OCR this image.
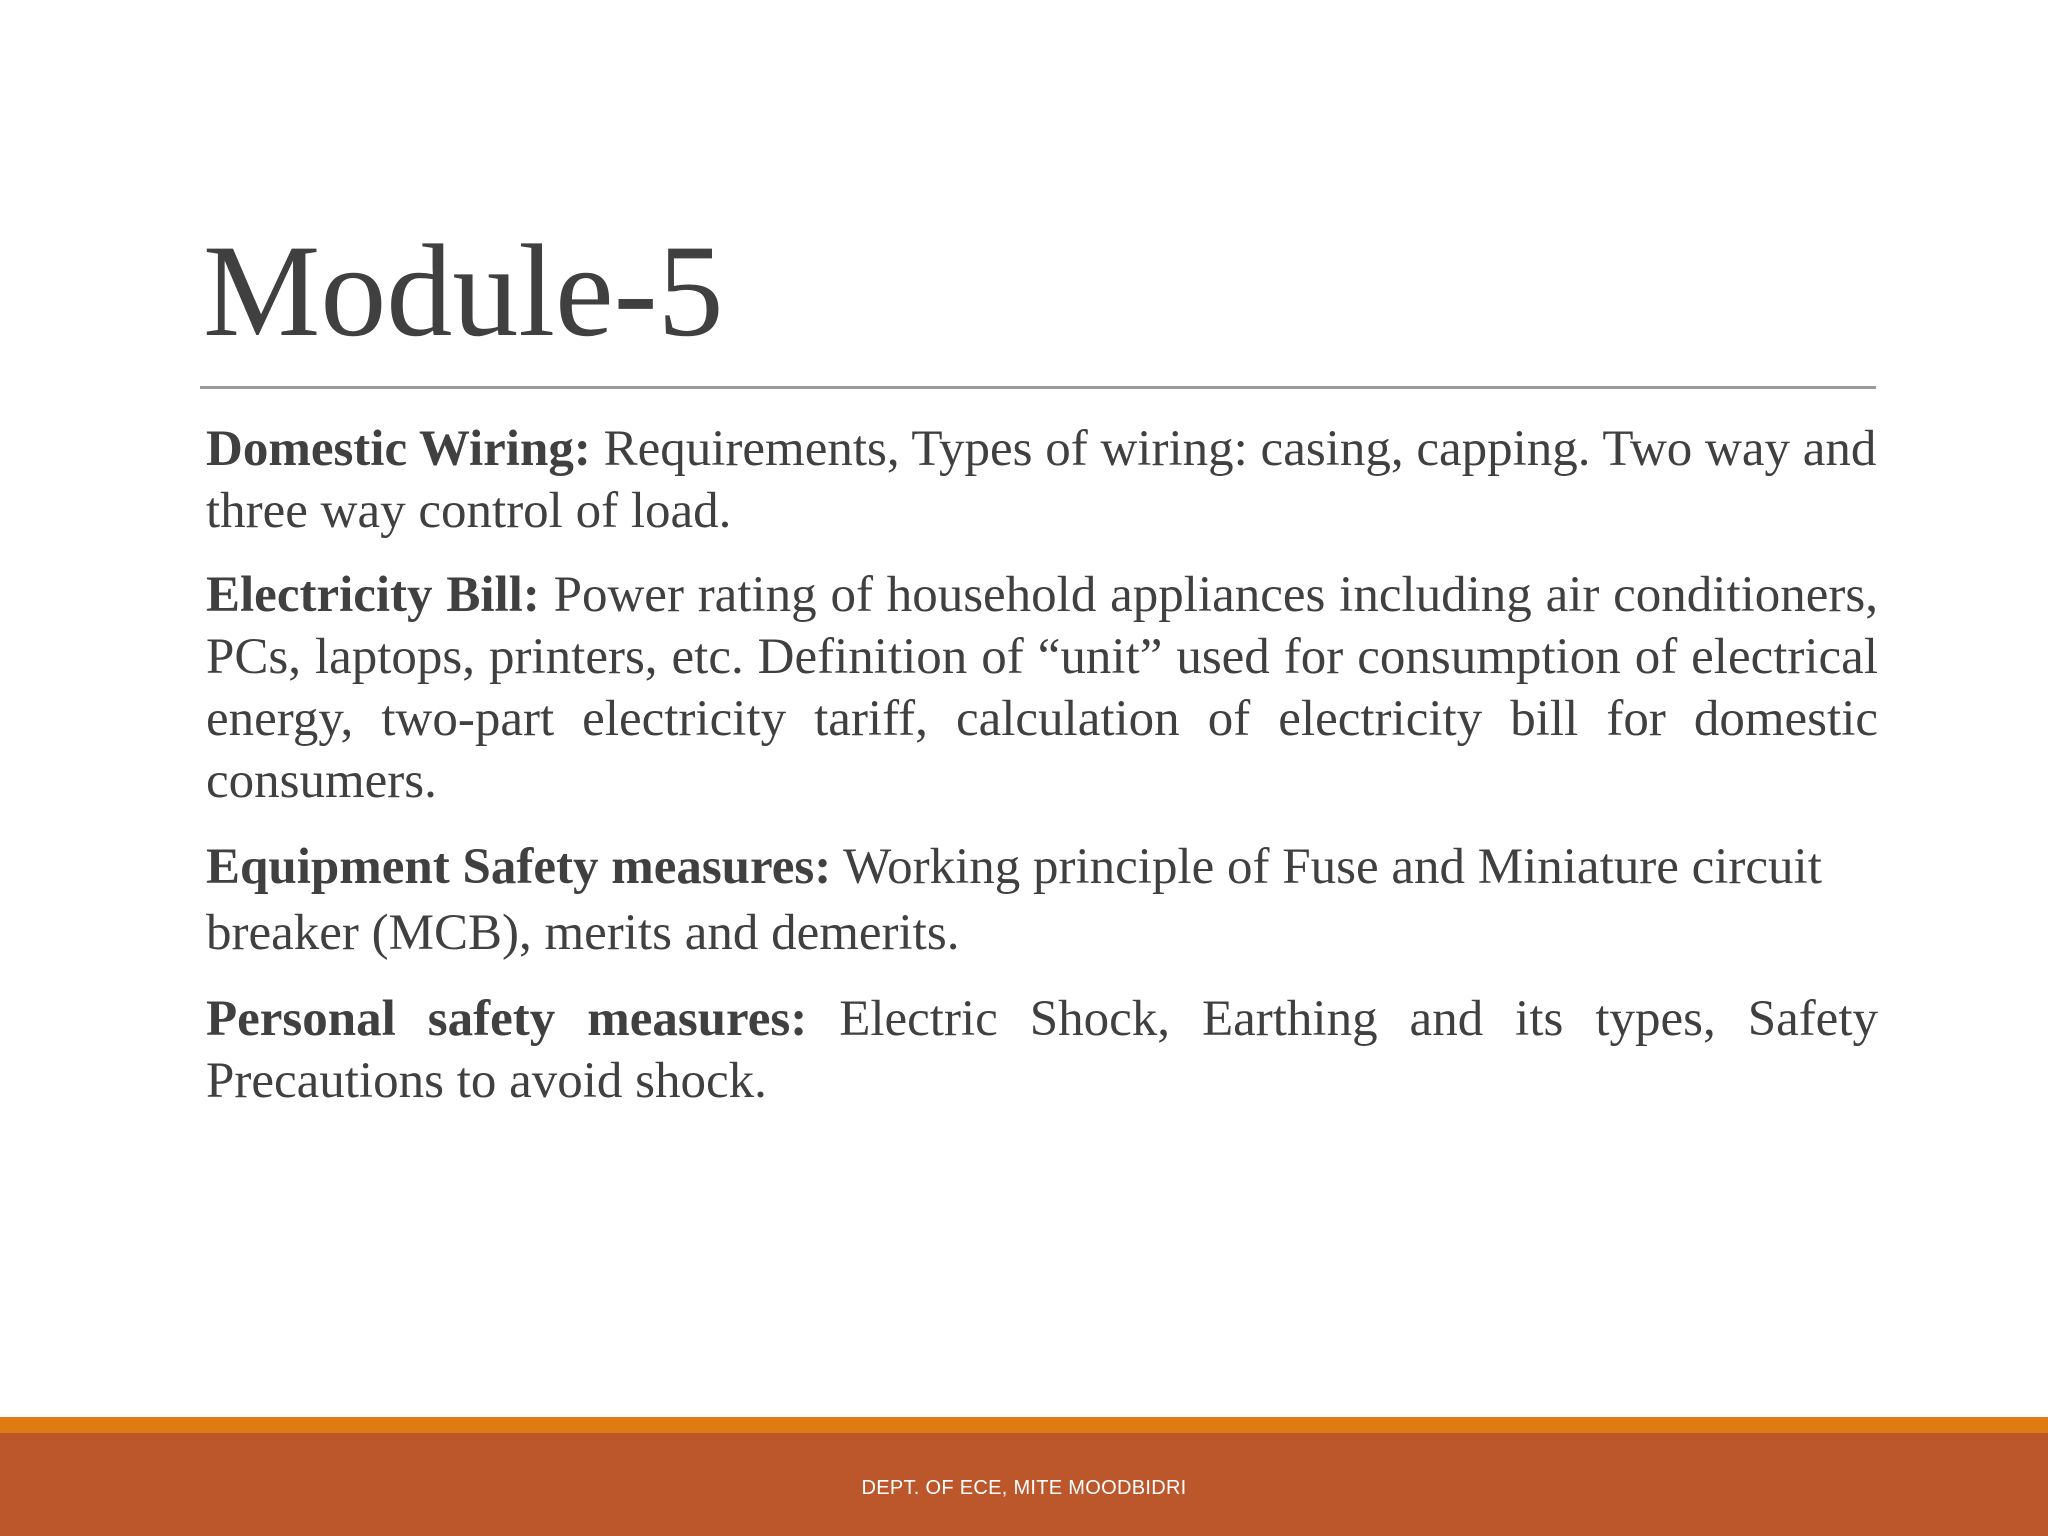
Module-5

Domestic Wiring: Requirements, Types of wiring: casing, capping. Two way and three way control of load.

Electricity Bill: Power rating of household appliances including air conditioners, PCs, laptops, printers, etc. Definition of “unit” used for consumption of electrical energy, two-part electricity tariff, calculation of electricity bill for domestic consumers.

Equipment Safety measures: Working principle of Fuse and Miniature circuit breaker (MCB), merits and demerits.

Personal safety measures: Electric Shock, Earthing and its types, Safety Precautions to avoid shock.

DEPT. OF ECE, MITE MOODBIDRI
